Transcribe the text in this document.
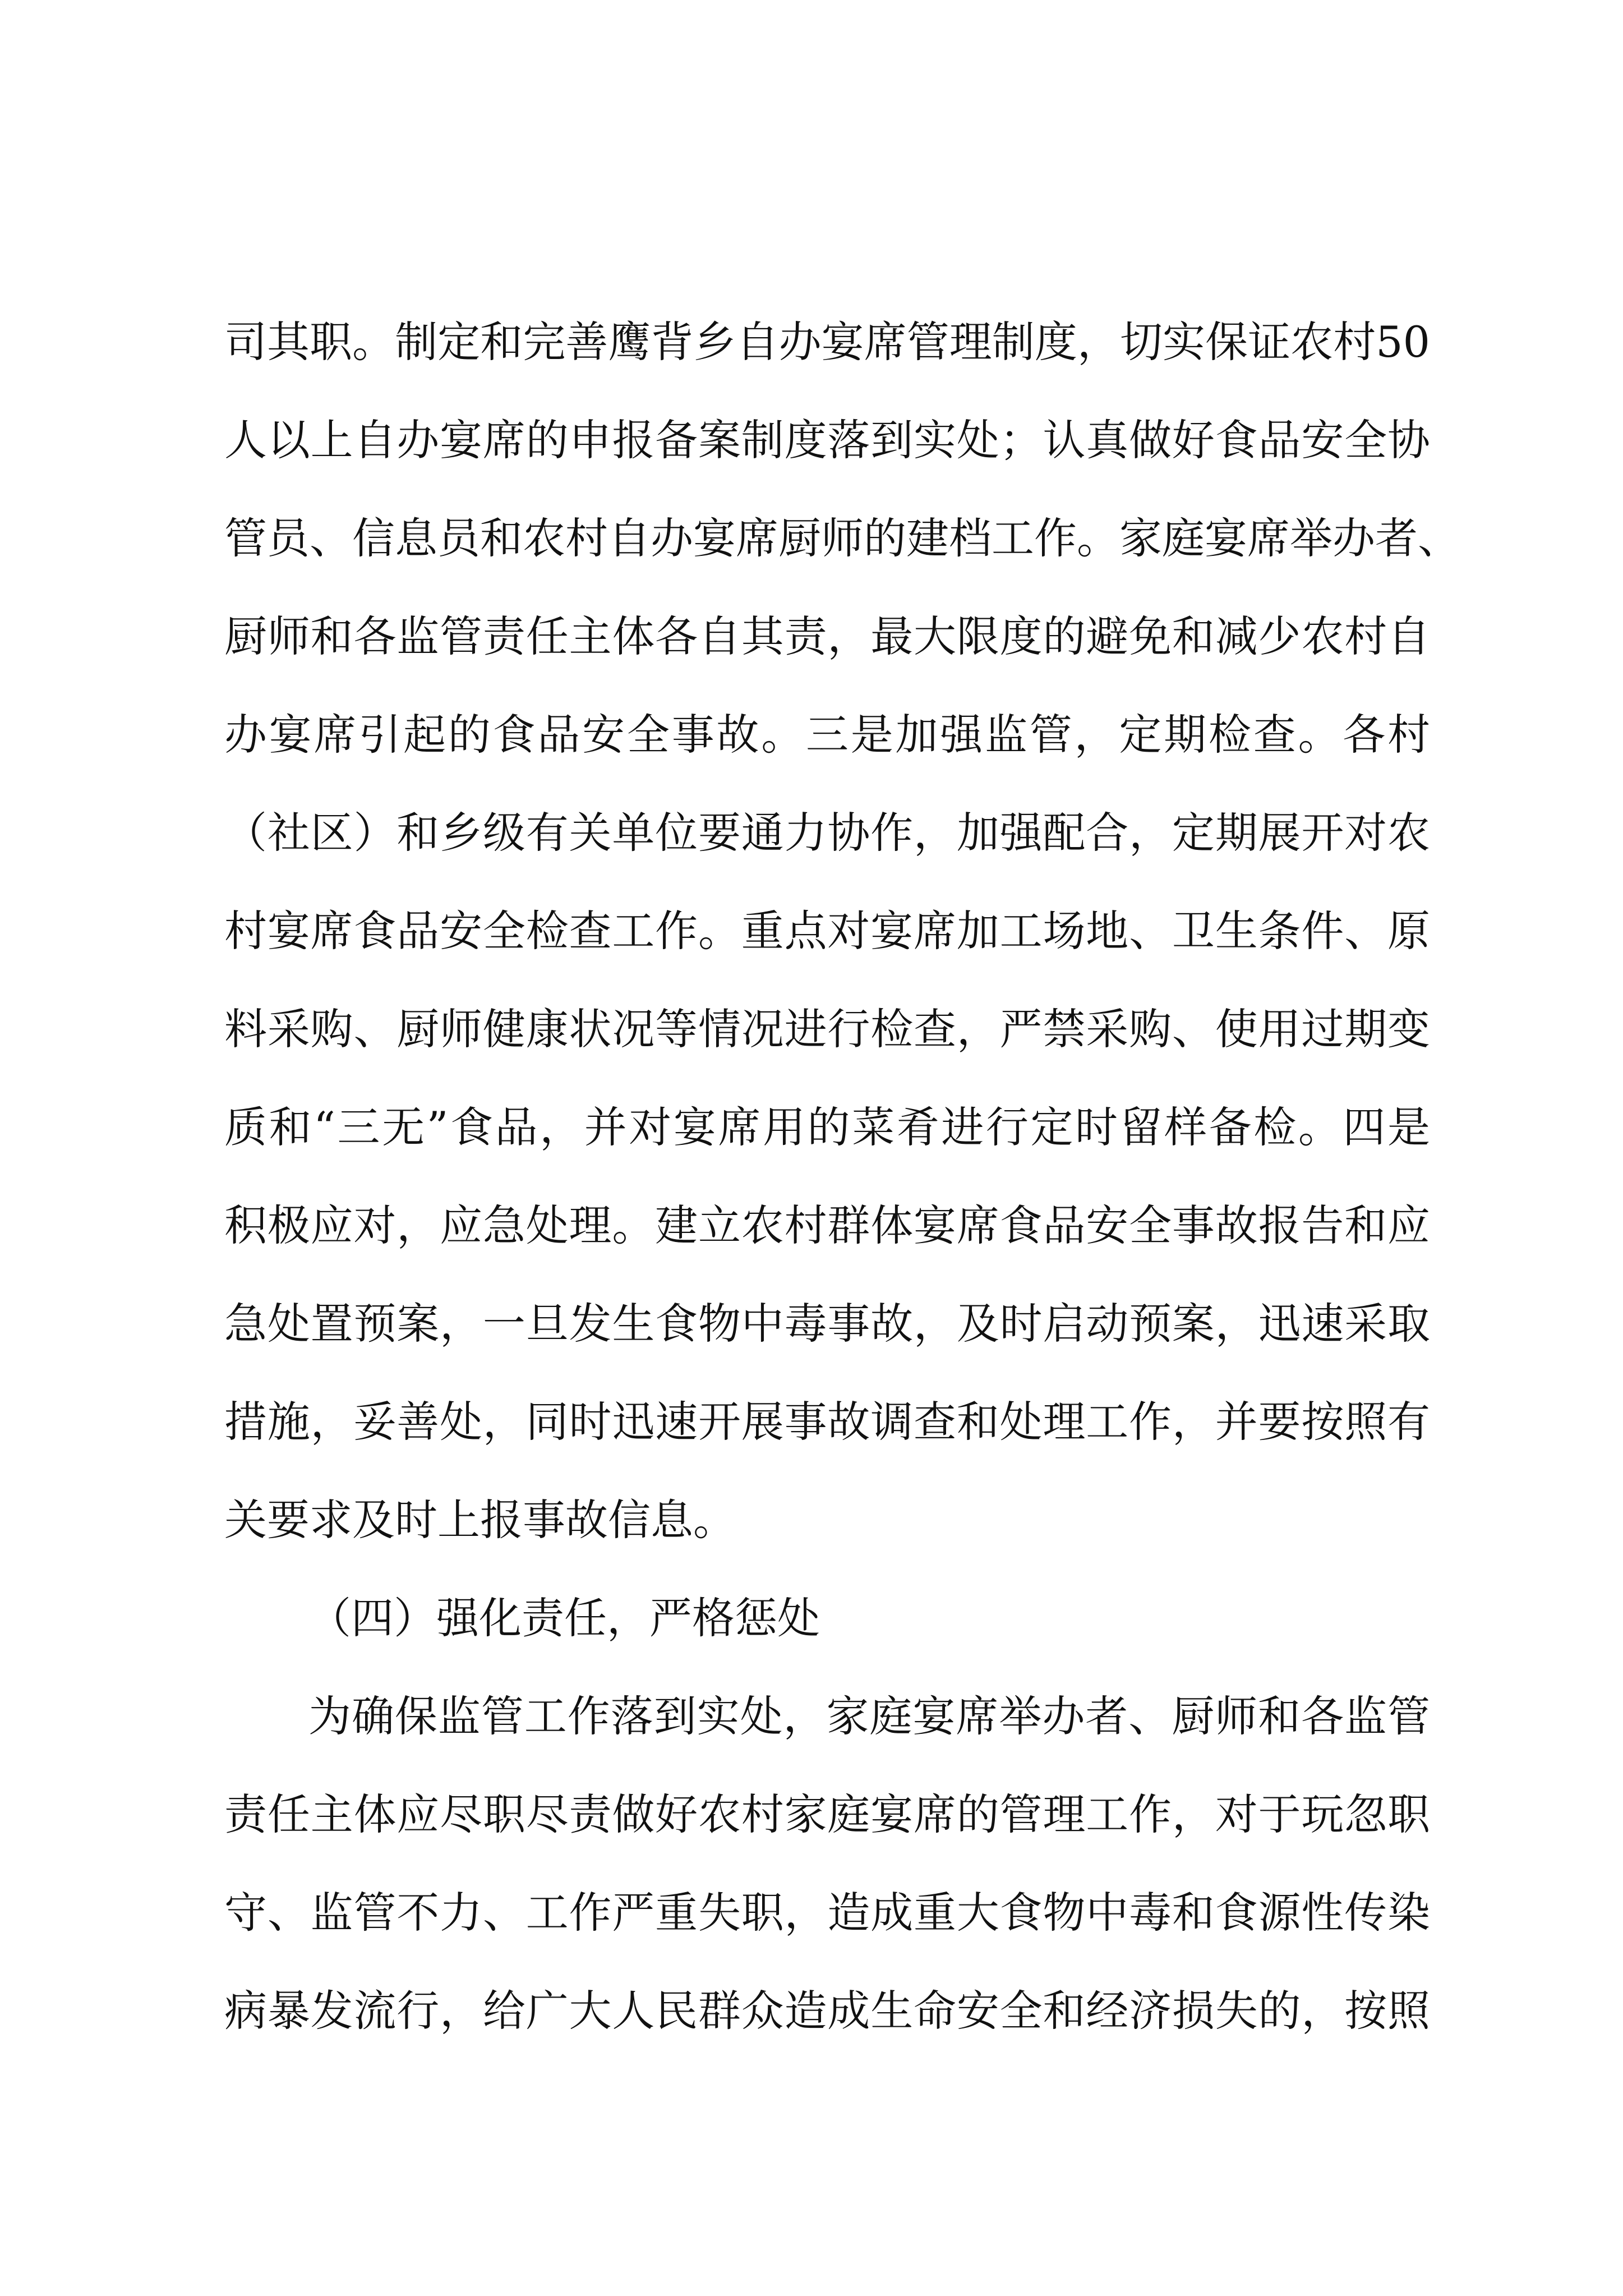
司其职。制定和完善鹰背乡自办宴席管理制度，切实保证农村50
人以上自办宴席的申报备案制度落到实处；认真做好食品安全协
管员、信息员和农村自办宴席厨师的建档工作。家庭宴席举办者、
厨师和各监管责任主体各自其责，最大限度的避免和减少农村自
办宴席引起的食品安全事故。三是加强监管，定期检查。各村
（社区）和乡级有关单位要通力协作，加强配合，定期展开对农
村宴席食品安全检查工作。重点对宴席加工场地、卫生条件、原
料采购、厨师健康状况等情况进行检查，严禁采购、使用过期变
质和“三无”食品，并对宴席用的菜肴进行定时留样备检。四是
积极应对，应急处理。建立农村群体宴席食品安全事故报告和应
急处置预案，一旦发生食物中毒事故，及时启动预案，迅速采取
措施，妥善处，同时迅速开展事故调查和处理工作，并要按照有
关要求及时上报事故信息。
（四）强化责任，严格惩处
为确保监管工作落到实处，家庭宴席举办者、厨师和各监管
责任主体应尽职尽责做好农村家庭宴席的管理工作，对于玩忽职
守、监管不力、工作严重失职，造成重大食物中毒和食源性传染
病暴发流行，给广大人民群众造成生命安全和经济损失的，按照
